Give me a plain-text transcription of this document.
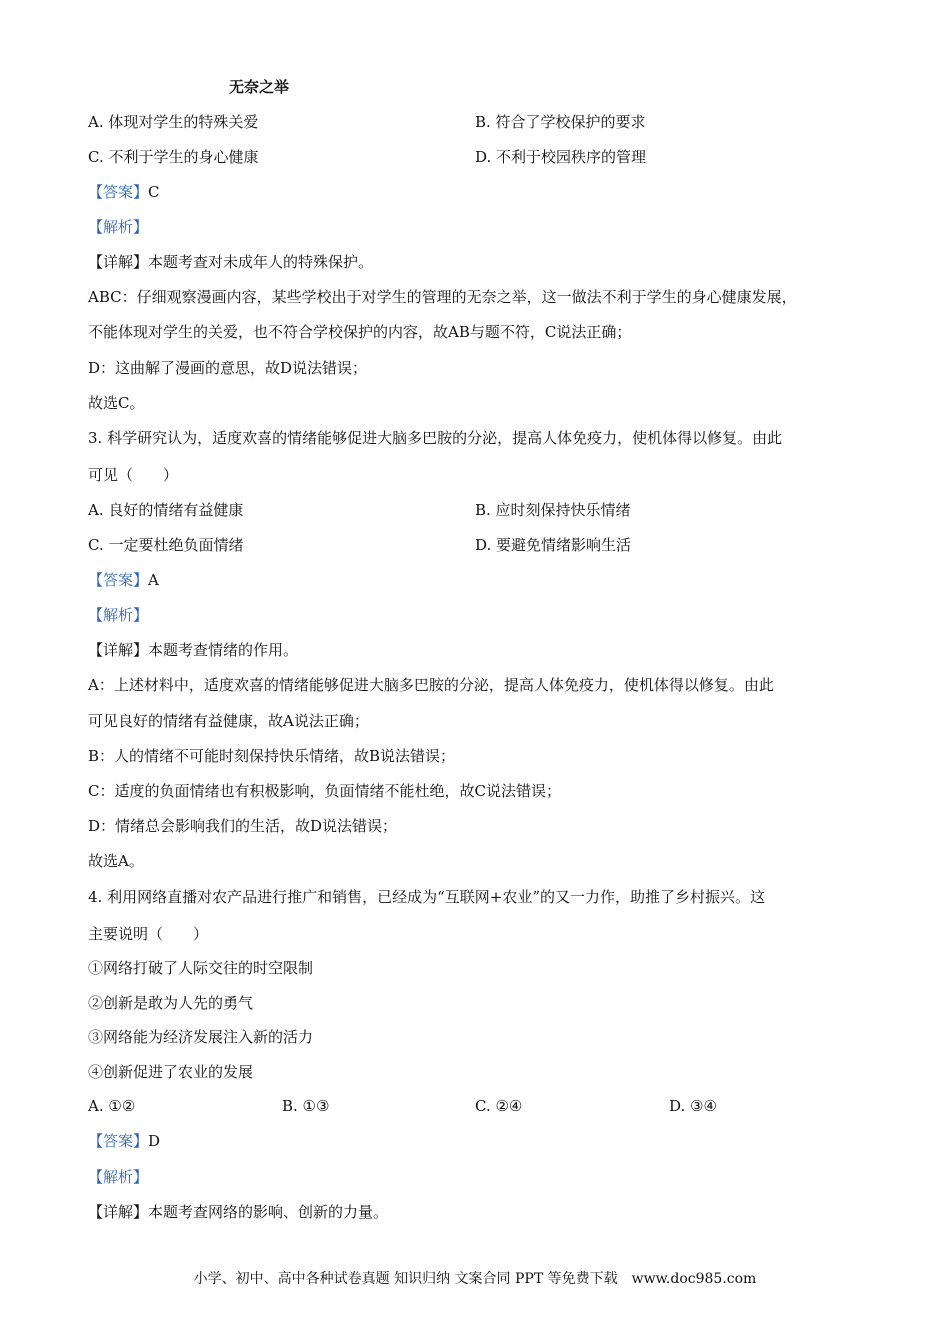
无奈之举
A. 体现对学生的特殊关爱	B. 符合了学校保护的要求
C. 不利于学生的身心健康	D. 不利于校园秩序的管理
【答案】C
【解析】
【详解】本题考查对未成年人的特殊保护。
ABC：仔细观察漫画内容，某些学校出于对学生的管理的无奈之举，这一做法不利于学生的身心健康发展，
不能体现对学生的关爱，也不符合学校保护的内容，故AB与题不符，C说法正确；
D：这曲解了漫画的意思，故D说法错误；
故选C。
3. 科学研究认为，适度欢喜的情绪能够促进大脑多巴胺的分泌，提高人体免疫力，使机体得以修复。由此
可见（　　）
A. 良好的情绪有益健康	B. 应时刻保持快乐情绪
C. 一定要杜绝负面情绪	D. 要避免情绪影响生活
【答案】A
【解析】
【详解】本题考查情绪的作用。
A：上述材料中，适度欢喜的情绪能够促进大脑多巴胺的分泌，提高人体免疫力，使机体得以修复。由此
可见良好的情绪有益健康，故A说法正确；
B：人的情绪不可能时刻保持快乐情绪，故B说法错误；
C：适度的负面情绪也有积极影响，负面情绪不能杜绝，故C说法错误；
D：情绪总会影响我们的生活，故D说法错误；
故选A。
4. 利用网络直播对农产品进行推广和销售，已经成为“互联网+农业”的又一力作，助推了乡村振兴。这
主要说明（　　）
①网络打破了人际交往的时空限制
②创新是敢为人先的勇气
③网络能为经济发展注入新的活力
④创新促进了农业的发展
A. ①②	B. ①③	C. ②④	D. ③④
【答案】D
【解析】
【详解】本题考查网络的影响、创新的力量。
小学、初中、高中各种试卷真题 知识归纳 文案合同 PPT 等免费下载　www.doc985.com
